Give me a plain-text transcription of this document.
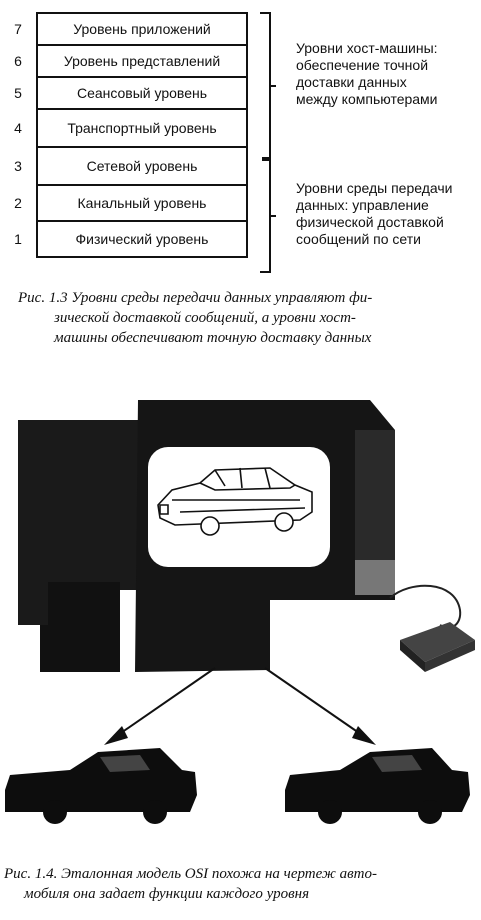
7	Уровень приложений
6	Уровень представлений
5	Сеансовый уровень
4	Транспортный уровень
3	Сетевой уровень
2	Канальный уровень
1	Физический уровень
Уровни хост-машины:
обеспечение точной
доставки данных
между компьютерами
Уровни среды передачи
данных: управление
физической доставкой
сообщений по сети
Рис. 1.3 Уровни среды передачи данных управляют фи-
зической доставкой сообщений, а уровни хост-
машины обеспечивают точную доставку данных
Рис. 1.4. Эталонная модель OSI похожа на чертеж авто-
мобиля она задает функции каждого уровня
